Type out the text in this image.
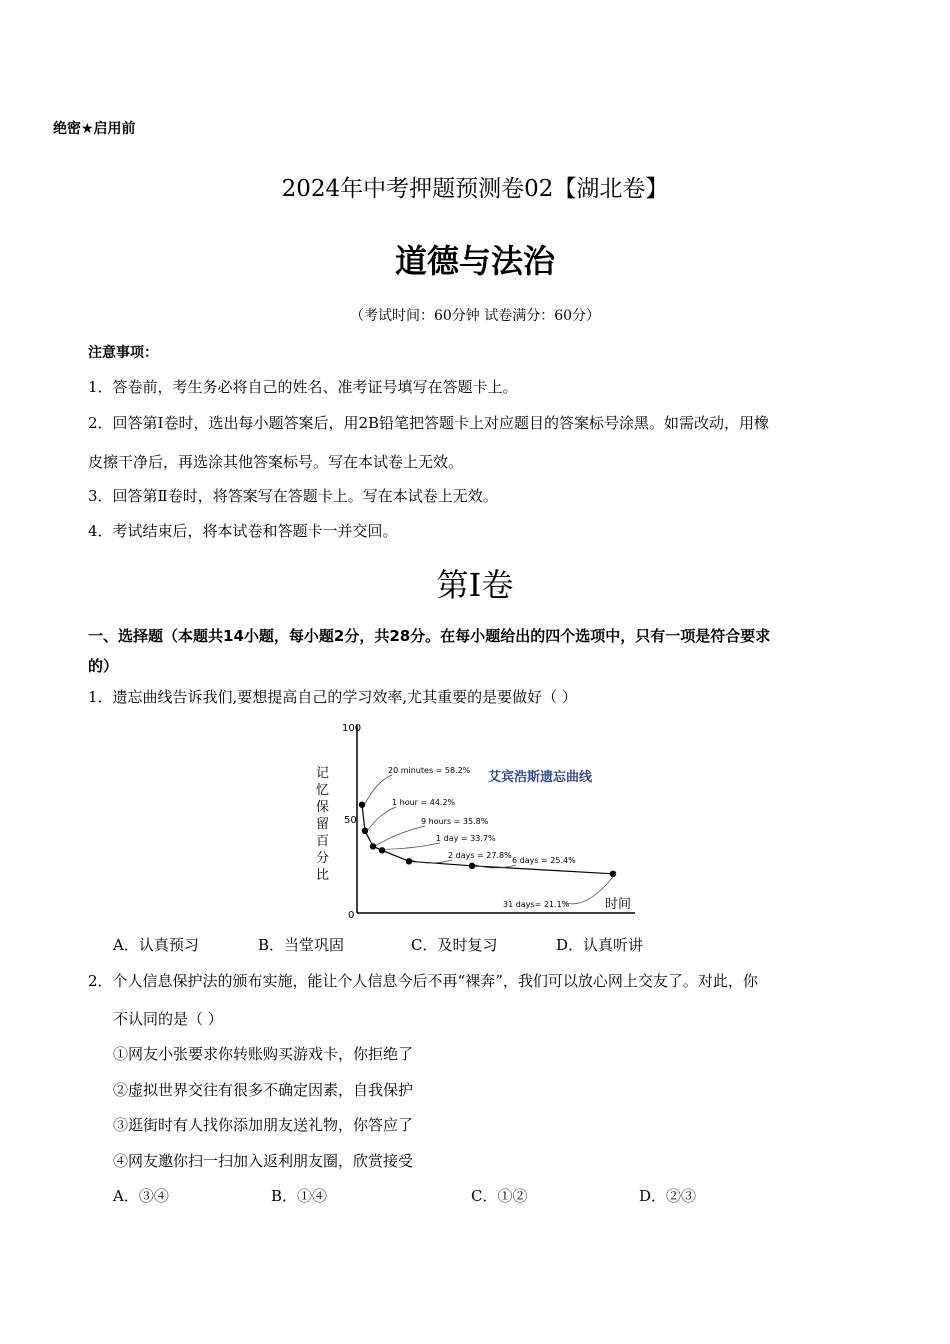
绝密★启用前
2024年中考押题预测卷02【湖北卷】
道德与法治
（考试时间：60分钟 试卷满分：60分）
注意事项：
1．答卷前，考生务必将自己的姓名、准考证号填写在答题卡上。
2．回答第Ⅰ卷时，选出每小题答案后，用2B铅笔把答题卡上对应题目的答案标号涂黑。如需改动，用橡
皮擦干净后，再选涂其他答案标号。写在本试卷上无效。
3．回答第Ⅱ卷时，将答案写在答题卡上。写在本试卷上无效。
4．考试结束后，将本试卷和答题卡一并交回。
第Ⅰ卷
一、选择题（本题共14小题，每小题2分，共28分。在每小题给出的四个选项中，只有一项是符合要求
的）
1．遗忘曲线告诉我们,要想提高自己的学习效率,尤其重要的是要做好（ ）
100
50
0
艾宾浩斯遗忘曲线
时间
记
忆
保
留
百
分
比
20 minutes = 58.2%
1 hour = 44.2%
9 hours = 35.8%
1 day = 33.7%
2 days = 27.8%
6 days = 25.4%
31 days= 21.1%
A．认真预习	B．当堂巩固	C．及时复习	D．认真听讲
2．个人信息保护法的颁布实施，能让个人信息今后不再“裸奔”，我们可以放心网上交友了。对此，你
不认同的是（ ）
①网友小张要求你转账购买游戏卡，你拒绝了
②虚拟世界交往有很多不确定因素，自我保护
③逛街时有人找你添加朋友送礼物，你答应了
④网友邀你扫一扫加入返利朋友圈，欣赏接受
A．③④	B．①④	C．①②	D．②③
